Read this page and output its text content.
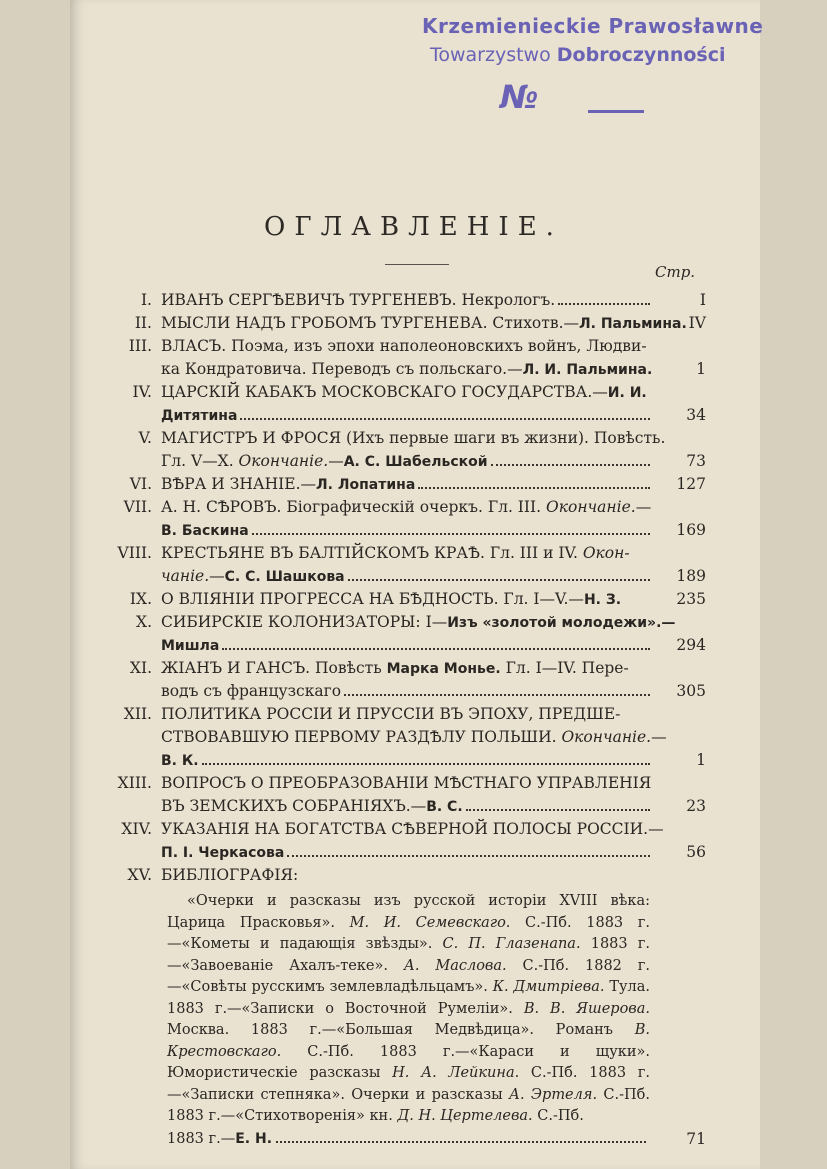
Krzemienieckie Prawosławne
Towarzystwo Dobroczynności
№
ОГЛАВЛЕНІЕ.
Стр.
I. ИВАНЪ СЕРГѢЕВИЧЪ ТУРГЕНЕВЪ. Некрологъ.	I
II. МЫСЛИ НАДЪ ГРОБОМЪ ТУРГЕНЕВА. Стихотв.—Л. Пальмина. IV
III. ВЛАСЪ. Поэма, изъ эпохи наполеоновскихъ войнъ, Людви-
ка Кондратовича. Переводъ съ польскаго.—Л. И. Пальмина.	1
IV. ЦАРСКІЙ КАБАКЪ МОСКОВСКАГО ГОСУДАРСТВА.—И. И.
Дитятина	34
V. МАГИСТРЪ И ФРОСЯ (Ихъ первые шаги въ жизни). Повѣсть.
Гл. V—X. Окончаніе.—А. С. Шабельской	73
VI. ВѢРА И ЗНАНІЕ.—Л. Лопатина	127
VII. А. Н. СѢРОВЪ. Біографическій очеркъ. Гл. III. Окончаніе.—
В. Баскина	169
VIII. КРЕСТЬЯНЕ ВЪ БАЛТІЙСКОМЪ КРАѢ. Гл. III и IV. Окон-
чаніе.—С. С. Шашкова	189
IX. О ВЛІЯНІИ ПРОГРЕССА НА БѢДНОСТЬ. Гл. I—V.—Н. З.	235
X. СИБИРСКІЕ КОЛОНИЗАТОРЫ: I—Изъ «золотой молодежи».—
Мишла	294
XI. ЖІАНЪ И ГАНСЪ. Повѣсть Марка Монье. Гл. I—IV. Пере-
водъ съ французскаго	305
XII. ПОЛИТИКА РОССІИ И ПРУССІИ ВЪ ЭПОХУ, ПРЕДШЕ-
СТВОВАВШУЮ ПЕРВОМУ РАЗДѢЛУ ПОЛЬШИ. Окончаніе.—
В. К.	1
XIII. ВОПРОСЪ О ПРЕОБРАЗОВАНІИ МѢСТНАГО УПРАВЛЕНІЯ
ВЪ ЗЕМСКИХЪ СОБРАНІЯХЪ.—В. С.	23
XIV. УКАЗАНІЯ НА БОГАТСТВА СѢВЕРНОЙ ПОЛОСЫ РОССІИ.—
П. І. Черкасова	56
XV. БИБЛІОГРАФІЯ:
«Очерки и разсказы изъ русской исторіи XVIII вѣка: Царица Прасковья». М. И. Семевскаго. С.-Пб. 1883 г.—«Кометы и падающія звѣзды». С. П. Глазенапа. 1883 г.—«Завоеваніе Ахалъ-теке». А. Маслова. С.-Пб. 1882 г.—«Совѣты русскимъ землевладѣльцамъ». К. Дмитріева. Тула. 1883 г.—«Записки о Восточной Румеліи». В. В. Яшерова. Москва. 1883 г.—«Большая Медвѣдица». Романъ В. Крестовскаго. С.-Пб. 1883 г.—«Караси и щуки». Юмористическіе разсказы Н. А. Лейкина. С.-Пб. 1883 г.—«Записки степняка». Очерки и разсказы А. Эртеля. С.-Пб. 1883 г.—«Стихотворенія» кн. Д. Н. Цертелева. С.-Пб.
1883 г.— Е. Н.	71
